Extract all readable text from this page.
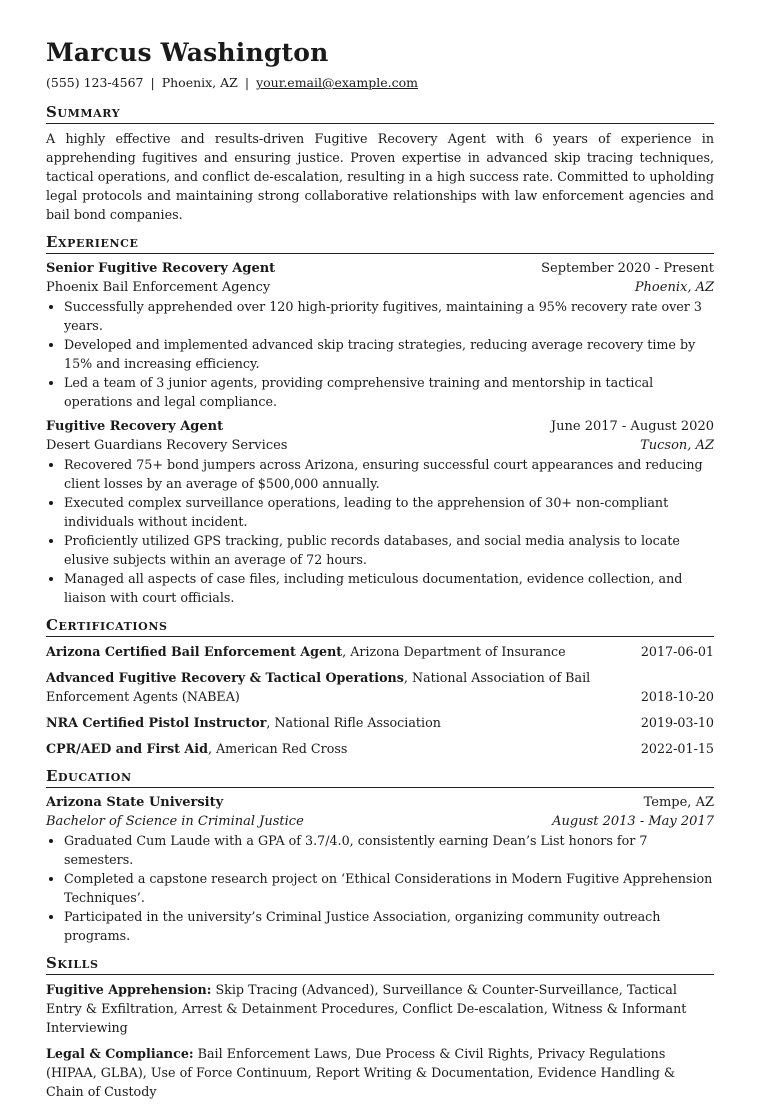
Marcus Washington
(555) 123-4567 | Phoenix, AZ | your.email@example.com
Summary
A highly effective and results-driven Fugitive Recovery Agent with 6 years of experience in apprehending fugitives and ensuring justice. Proven expertise in advanced skip tracing techniques, tactical operations, and conflict de-escalation, resulting in a high success rate. Committed to upholding legal protocols and maintaining strong collaborative relationships with law enforcement agencies and bail bond companies.
Experience
Senior Fugitive Recovery Agent	September 2020 - Present
Phoenix Bail Enforcement Agency	Phoenix, AZ
• Successfully apprehended over 120 high-priority fugitives, maintaining a 95% recovery rate over 3 years.
• Developed and implemented advanced skip tracing strategies, reducing average recovery time by 15% and increasing efficiency.
• Led a team of 3 junior agents, providing comprehensive training and mentorship in tactical operations and legal compliance.
Fugitive Recovery Agent	June 2017 - August 2020
Desert Guardians Recovery Services	Tucson, AZ
• Recovered 75+ bond jumpers across Arizona, ensuring successful court appearances and reducing client losses by an average of $500,000 annually.
• Executed complex surveillance operations, leading to the apprehension of 30+ non-compliant individuals without incident.
• Proficiently utilized GPS tracking, public records databases, and social media analysis to locate elusive subjects within an average of 72 hours.
• Managed all aspects of case files, including meticulous documentation, evidence collection, and liaison with court officials.
Certifications
Arizona Certified Bail Enforcement Agent, Arizona Department of Insurance	2017-06-01
Advanced Fugitive Recovery & Tactical Operations, National Association of Bail Enforcement Agents (NABEA)	2018-10-20
NRA Certified Pistol Instructor, National Rifle Association	2019-03-10
CPR/AED and First Aid, American Red Cross	2022-01-15
Education
Arizona State University	Tempe, AZ
Bachelor of Science in Criminal Justice	August 2013 - May 2017
• Graduated Cum Laude with a GPA of 3.7/4.0, consistently earning Dean’s List honors for 7 semesters.
• Completed a capstone research project on ‘Ethical Considerations in Modern Fugitive Apprehension Techniques’.
• Participated in the university’s Criminal Justice Association, organizing community outreach programs.
Skills
Fugitive Apprehension: Skip Tracing (Advanced), Surveillance & Counter-Surveillance, Tactical Entry & Exfiltration, Arrest & Detainment Procedures, Conflict De-escalation, Witness & Informant Interviewing
Legal & Compliance: Bail Enforcement Laws, Due Process & Civil Rights, Privacy Regulations (HIPAA, GLBA), Use of Force Continuum, Report Writing & Documentation, Evidence Handling & Chain of Custody
